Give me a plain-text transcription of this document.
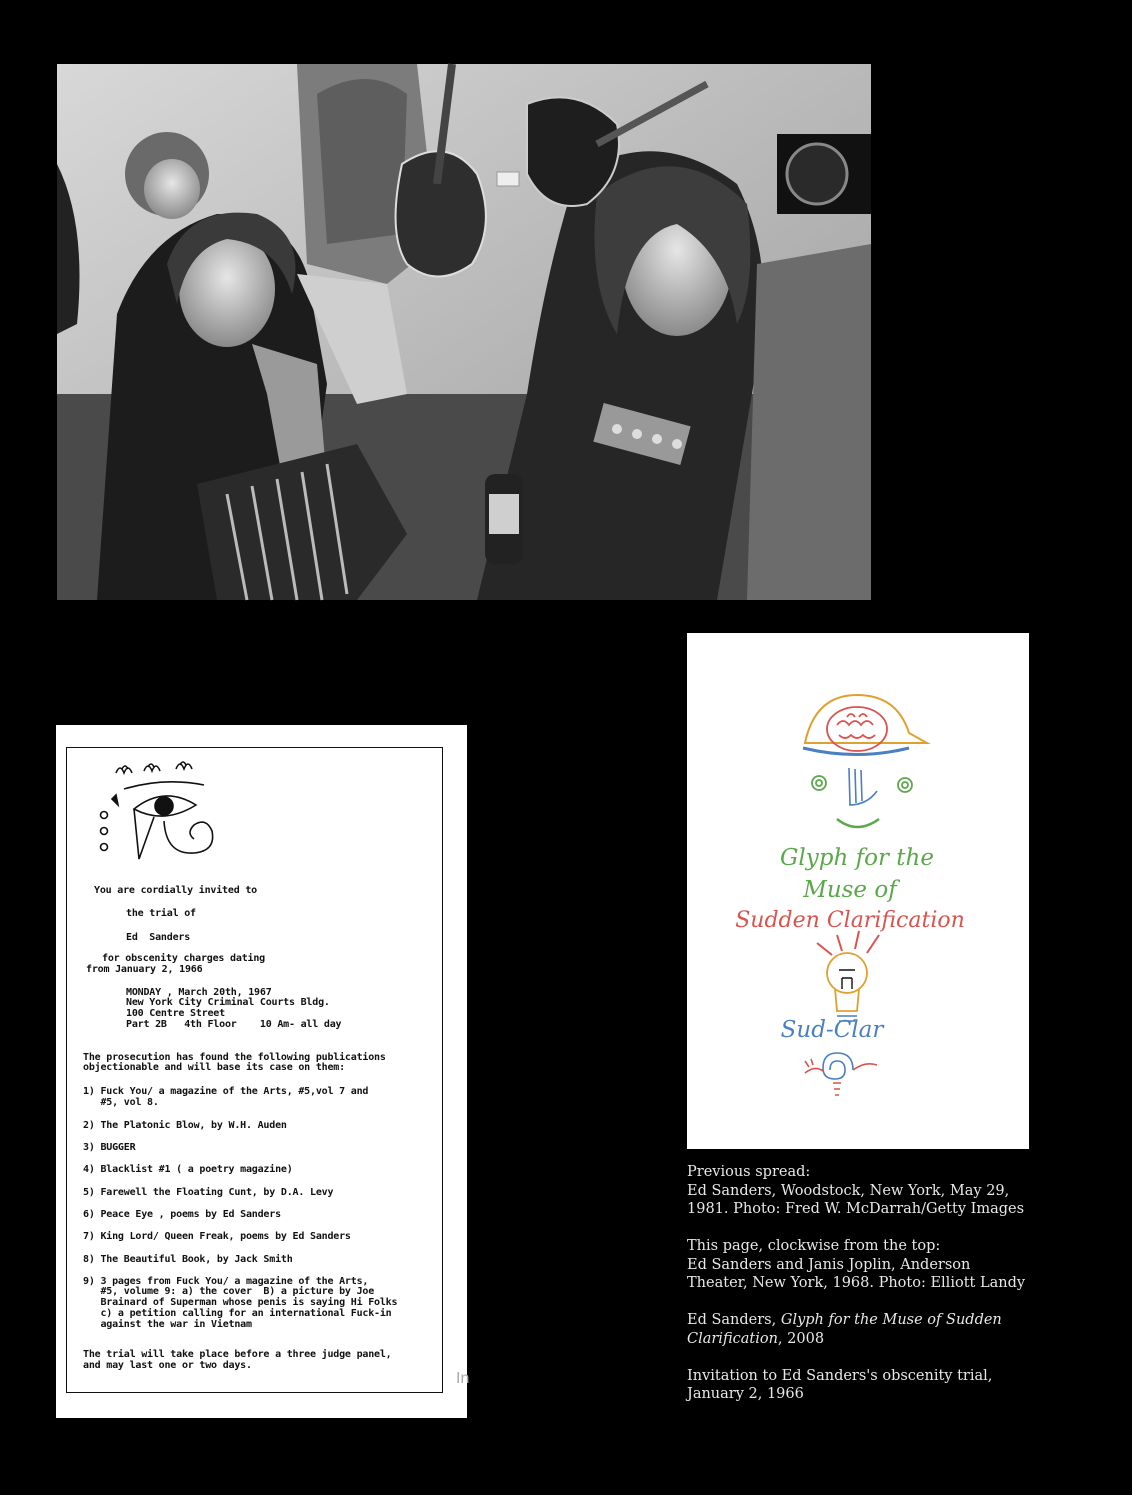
You are cordially invited to
the trial of
Ed  Sanders
for obscenity charges dating
from January 2, 1966
MONDAY , March 20th, 1967
New York City Criminal Courts Bldg.
100 Centre Street
Part 2B   4th Floor    10 Am- all day
The prosecution has found the following publications
objectionable and will base its case on them:
1) Fuck You/ a magazine of the Arts, #5,vol 7 and
#5, vol 8.
2) The Platonic Blow, by W.H. Auden
3) BUGGER
4) Blacklist #1 ( a poetry magazine)
5) Farewell the Floating Cunt, by D.A. Levy
6) Peace Eye , poems by Ed Sanders
7) King Lord/ Queen Freak, poems by Ed Sanders
8) The Beautiful Book, by Jack Smith
9) 3 pages from Fuck You/ a magazine of the Arts,
#5, volume 9: a) the cover  B) a picture by Joe
Brainard of Superman whose penis is saying Hi Folks
c) a petition calling for an international Fuck-in
against the war in Vietnam
The trial will take place before a three judge panel,
and may last one or two days.
In
Glyph for the
Muse of
Sudden Clarification
Sud-Clar

Previous spread:
Ed Sanders, Woodstock, New York, May 29, 1981. Photo: Fred W. McDarrah/Getty Images

This page, clockwise from the top:
Ed Sanders and Janis Joplin, Anderson Theater, New York, 1968. Photo: Elliott Landy

Ed Sanders, Glyph for the Muse of Sudden Clarification, 2008

Invitation to Ed Sanders's obscenity trial, January 2, 1966
